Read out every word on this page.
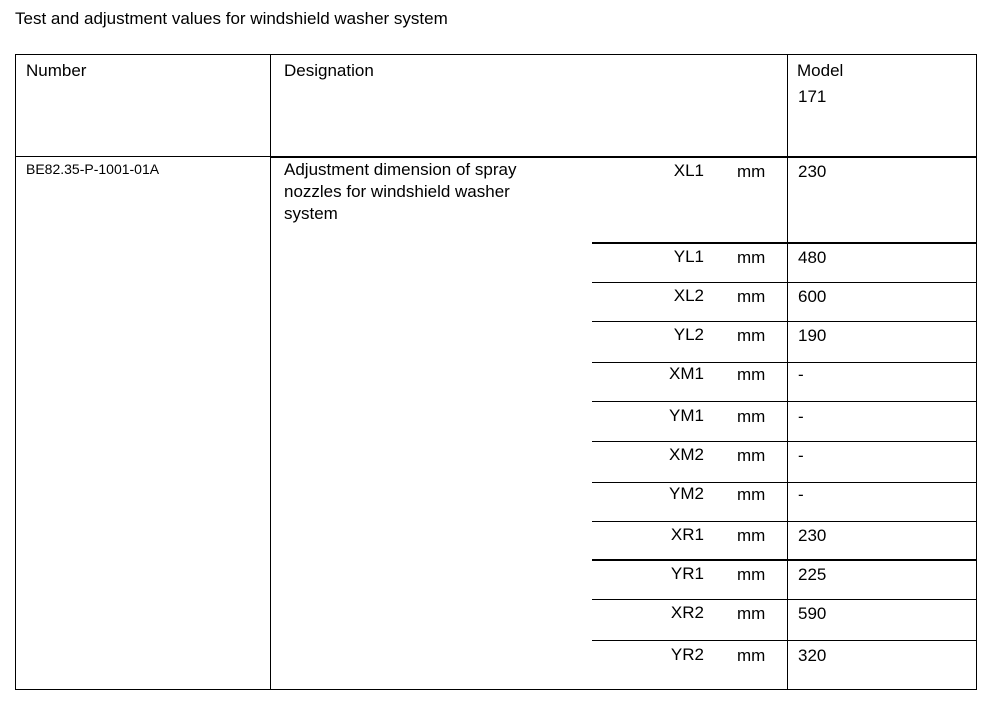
Test and adjustment values for windshield washer system
Number	Designation	Model
171
BE82.35-P-1001-01A	Adjustment dimension of spray nozzles for windshield washer system
XL1 mm 230
YL1 mm 480
XL2 mm 600
YL2 mm 190
XM1 mm -
YM1 mm -
XM2 mm -
YM2 mm -
XR1 mm 230
YR1 mm 225
XR2 mm 590
YR2 mm 320
